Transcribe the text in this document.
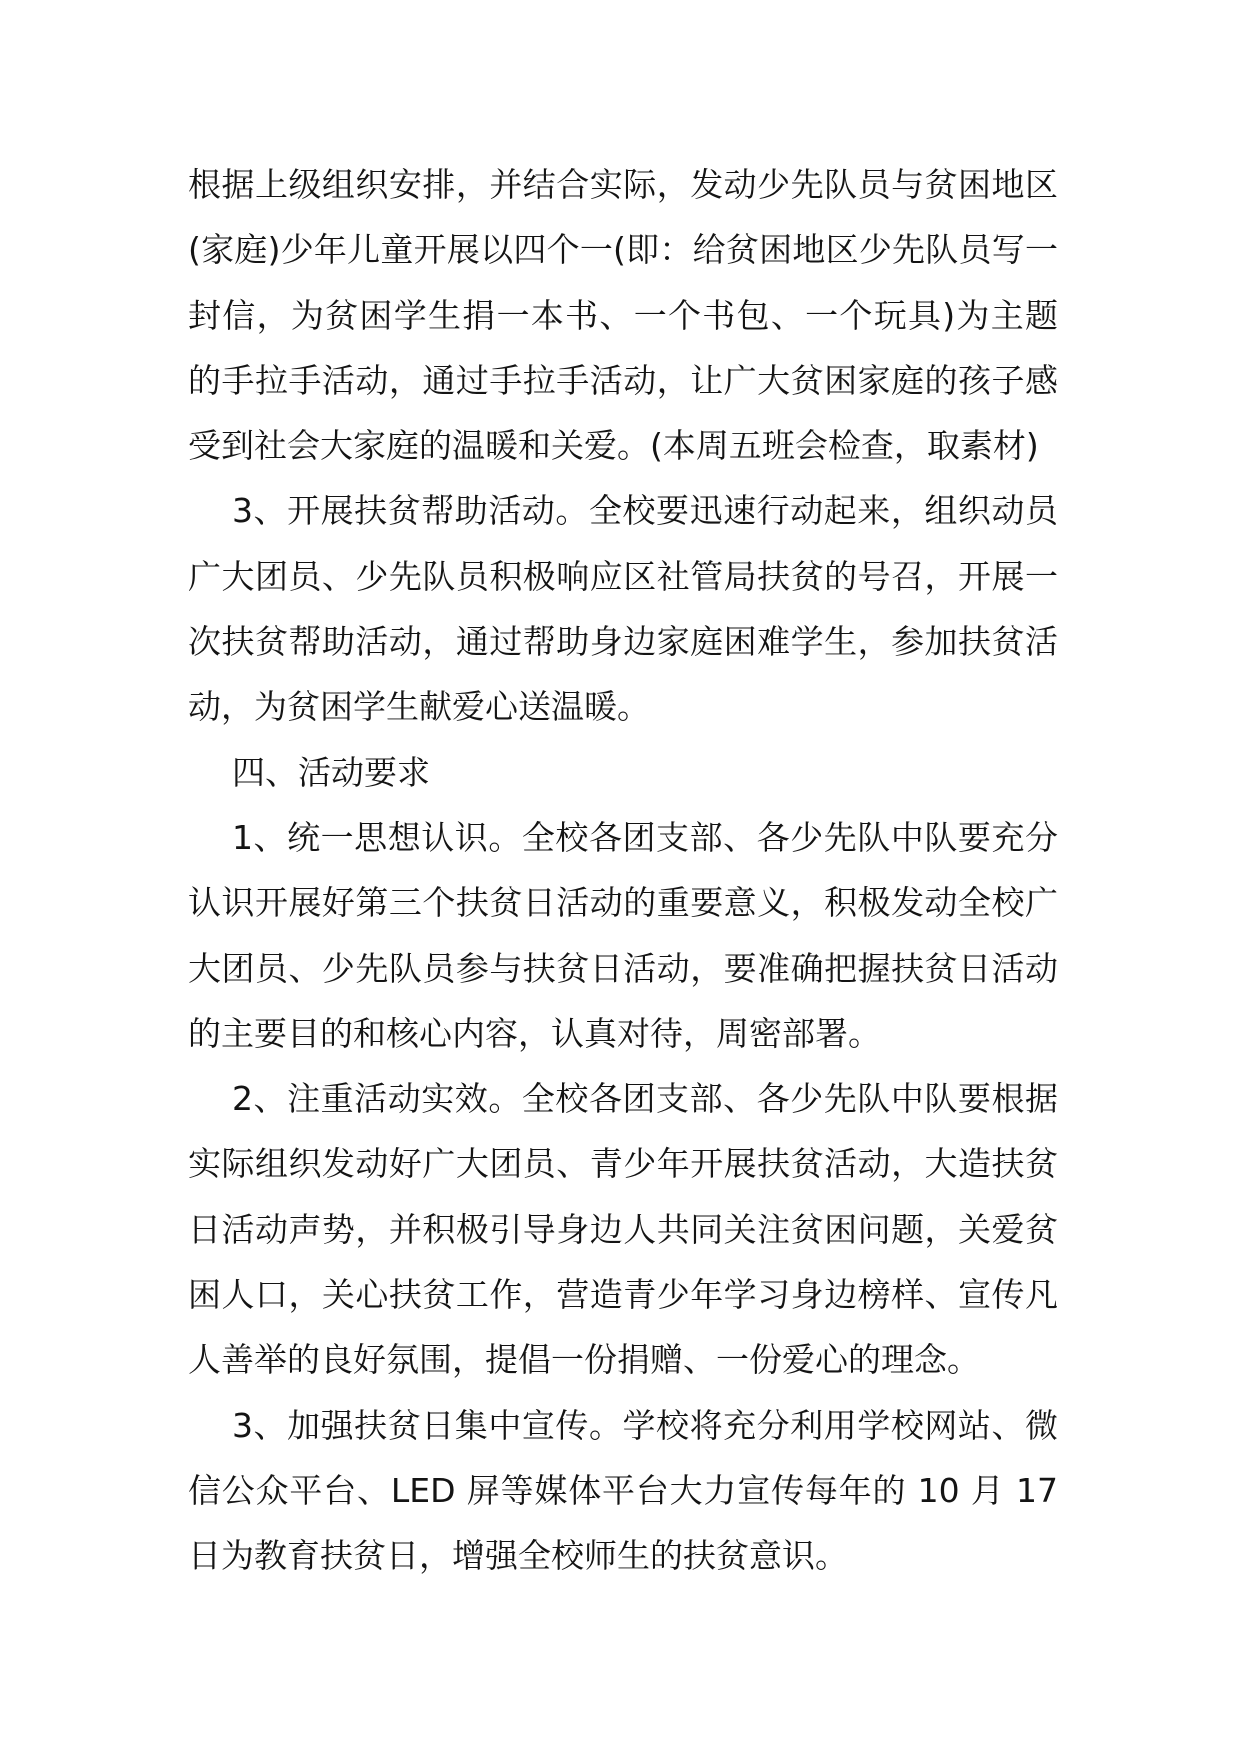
根据上级组织安排，并结合实际，发动少先队员与贫困地区(家庭)少年儿童开展以四个一(即：给贫困地区少先队员写一封信，为贫困学生捐一本书、一个书包、一个玩具)为主题的手拉手活动，通过手拉手活动，让广大贫困家庭的孩子感受到社会大家庭的温暖和关爱。(本周五班会检查，取素材)

3、开展扶贫帮助活动。全校要迅速行动起来，组织动员广大团员、少先队员积极响应区社管局扶贫的号召，开展一次扶贫帮助活动，通过帮助身边家庭困难学生，参加扶贫活动，为贫困学生献爱心送温暖。

四、活动要求

1、统一思想认识。全校各团支部、各少先队中队要充分认识开展好第三个扶贫日活动的重要意义，积极发动全校广大团员、少先队员参与扶贫日活动，要准确把握扶贫日活动的主要目的和核心内容，认真对待，周密部署。

2、注重活动实效。全校各团支部、各少先队中队要根据实际组织发动好广大团员、青少年开展扶贫活动，大造扶贫日活动声势，并积极引导身边人共同关注贫困问题，关爱贫困人口，关心扶贫工作，营造青少年学习身边榜样、宣传凡人善举的良好氛围，提倡一份捐赠、一份爱心的理念。

3、加强扶贫日集中宣传。学校将充分利用学校网站、微信公众平台、LED 屏等媒体平台大力宣传每年的 10 月 17 日为教育扶贫日，增强全校师生的扶贫意识。
